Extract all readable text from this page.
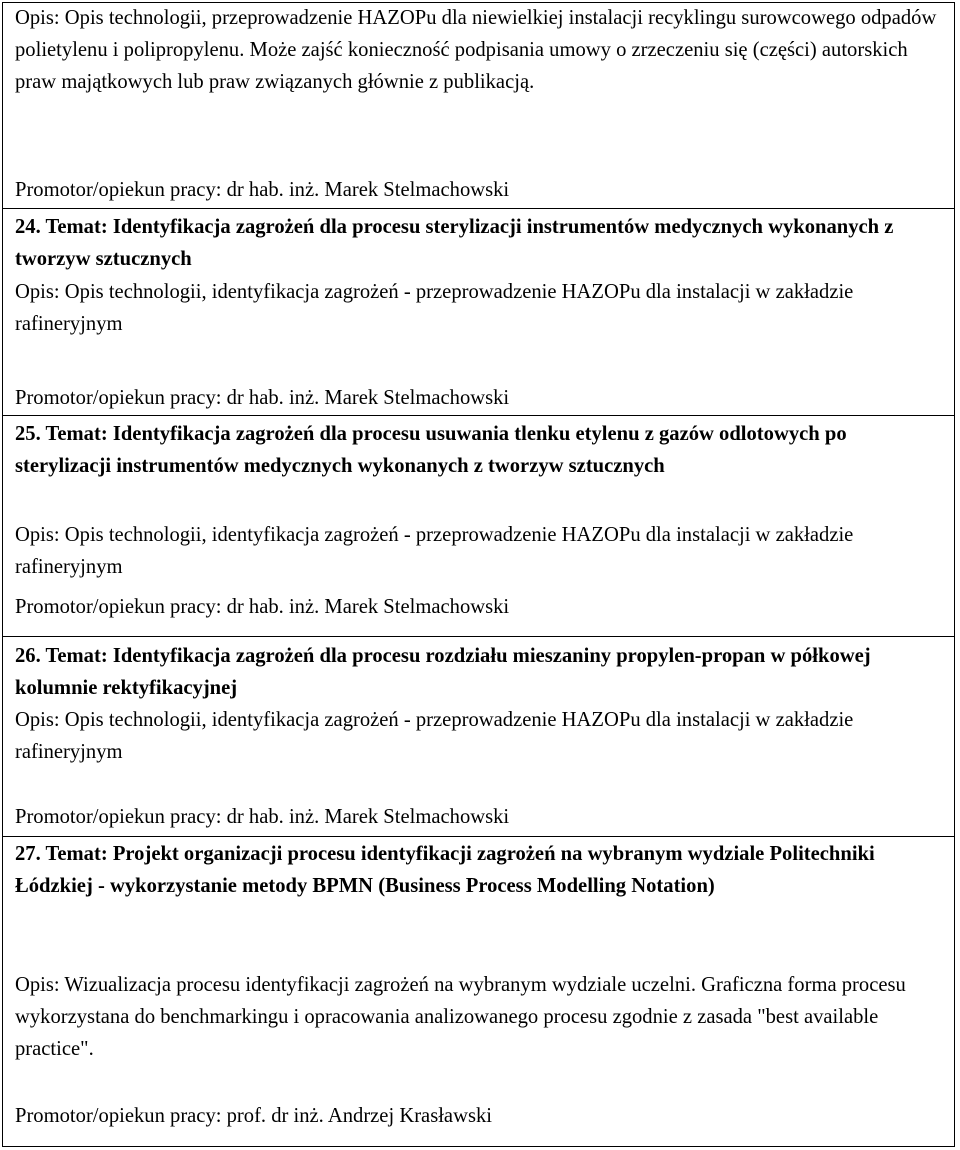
Opis: Opis technologii, przeprowadzenie HAZOPu dla niewielkiej instalacji recyklingu surowcowego odpadów polietylenu i polipropylenu. Może zajść konieczność podpisania umowy o zrzeczeniu się (części) autorskich praw majątkowych lub praw związanych głównie z publikacją.

Promotor/opiekun pracy: dr hab. inż. Marek Stelmachowski

24. Temat: Identyfikacja zagrożeń dla procesu sterylizacji instrumentów medycznych wykonanych z tworzyw sztucznych

Opis: Opis technologii, identyfikacja zagrożeń - przeprowadzenie HAZOPu dla instalacji w zakładzie rafineryjnym

Promotor/opiekun pracy: dr hab. inż. Marek Stelmachowski

25. Temat: Identyfikacja zagrożeń dla procesu usuwania tlenku etylenu z gazów odlotowych po sterylizacji instrumentów medycznych wykonanych z tworzyw sztucznych

Opis: Opis technologii, identyfikacja zagrożeń - przeprowadzenie HAZOPu dla instalacji w zakładzie rafineryjnym

Promotor/opiekun pracy: dr hab. inż. Marek Stelmachowski

26. Temat: Identyfikacja zagrożeń dla procesu rozdziału mieszaniny propylen-propan w półkowej kolumnie rektyfikacyjnej

Opis: Opis technologii, identyfikacja zagrożeń - przeprowadzenie HAZOPu dla instalacji w zakładzie rafineryjnym

Promotor/opiekun pracy: dr hab. inż. Marek Stelmachowski

27. Temat: Projekt organizacji procesu identyfikacji zagrożeń na wybranym wydziale Politechniki Łódzkiej - wykorzystanie metody BPMN (Business Process Modelling Notation)

Opis: Wizualizacja procesu identyfikacji zagrożeń na wybranym wydziale uczelni. Graficzna forma procesu wykorzystana do benchmarkingu i opracowania analizowanego procesu zgodnie z zasada "best available practice".

Promotor/opiekun pracy: prof. dr inż. Andrzej Krasławski
